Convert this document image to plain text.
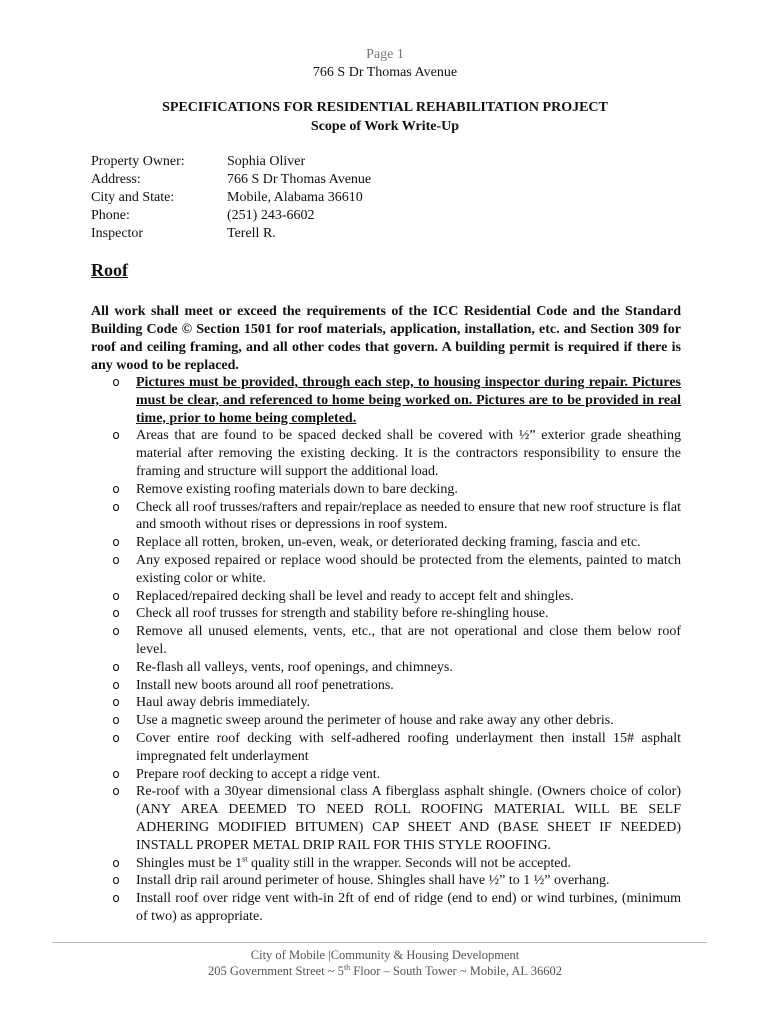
Page 1
766 S Dr Thomas Avenue
SPECIFICATIONS FOR RESIDENTIAL REHABILITATION PROJECT
Scope of Work Write-Up
Property Owner:	Sophia Oliver
Address:	766 S Dr Thomas Avenue
City and State:	Mobile, Alabama 36610
Phone:	(251) 243-6602
Inspector	Terell R.
Roof
All work shall meet or exceed the requirements of the ICC Residential Code and the Standard Building Code © Section 1501 for roof materials, application, installation, etc. and Section 309 for roof and ceiling framing, and all other codes that govern. A building permit is required if there is any wood to be replaced.
o Pictures must be provided, through each step, to housing inspector during repair. Pictures must be clear, and referenced to home being worked on. Pictures are to be provided in real time, prior to home being completed.
o Areas that are found to be spaced decked shall be covered with ½” exterior grade sheathing material after removing the existing decking. It is the contractors responsibility to ensure the framing and structure will support the additional load.
o Remove existing roofing materials down to bare decking.
o Check all roof trusses/rafters and repair/replace as needed to ensure that new roof structure is flat and smooth without rises or depressions in roof system.
o Replace all rotten, broken, un-even, weak, or deteriorated decking framing, fascia and etc.
o Any exposed repaired or replace wood should be protected from the elements, painted to match existing color or white.
o Replaced/repaired decking shall be level and ready to accept felt and shingles.
o Check all roof trusses for strength and stability before re-shingling house.
o Remove all unused elements, vents, etc., that are not operational and close them below roof level.
o Re-flash all valleys, vents, roof openings, and chimneys.
o Install new boots around all roof penetrations.
o Haul away debris immediately.
o Use a magnetic sweep around the perimeter of house and rake away any other debris.
o Cover entire roof decking with self-adhered roofing underlayment then install 15# asphalt impregnated felt underlayment
o Prepare roof decking to accept a ridge vent.
o Re-roof with a 30year dimensional class A fiberglass asphalt shingle. (Owners choice of color) (ANY AREA DEEMED TO NEED ROLL ROOFING MATERIAL WILL BE SELF ADHERING MODIFIED BITUMEN) CAP SHEET AND (BASE SHEET IF NEEDED) INSTALL PROPER METAL DRIP RAIL FOR THIS STYLE ROOFING.
o Shingles must be 1st quality still in the wrapper. Seconds will not be accepted.
o Install drip rail around perimeter of house. Shingles shall have ½” to 1 ½” overhang.
o Install roof over ridge vent with-in 2ft of end of ridge (end to end) or wind turbines, (minimum of two) as appropriate.
City of Mobile |Community & Housing Development
205 Government Street ~ 5th Floor – South Tower ~ Mobile, AL 36602
